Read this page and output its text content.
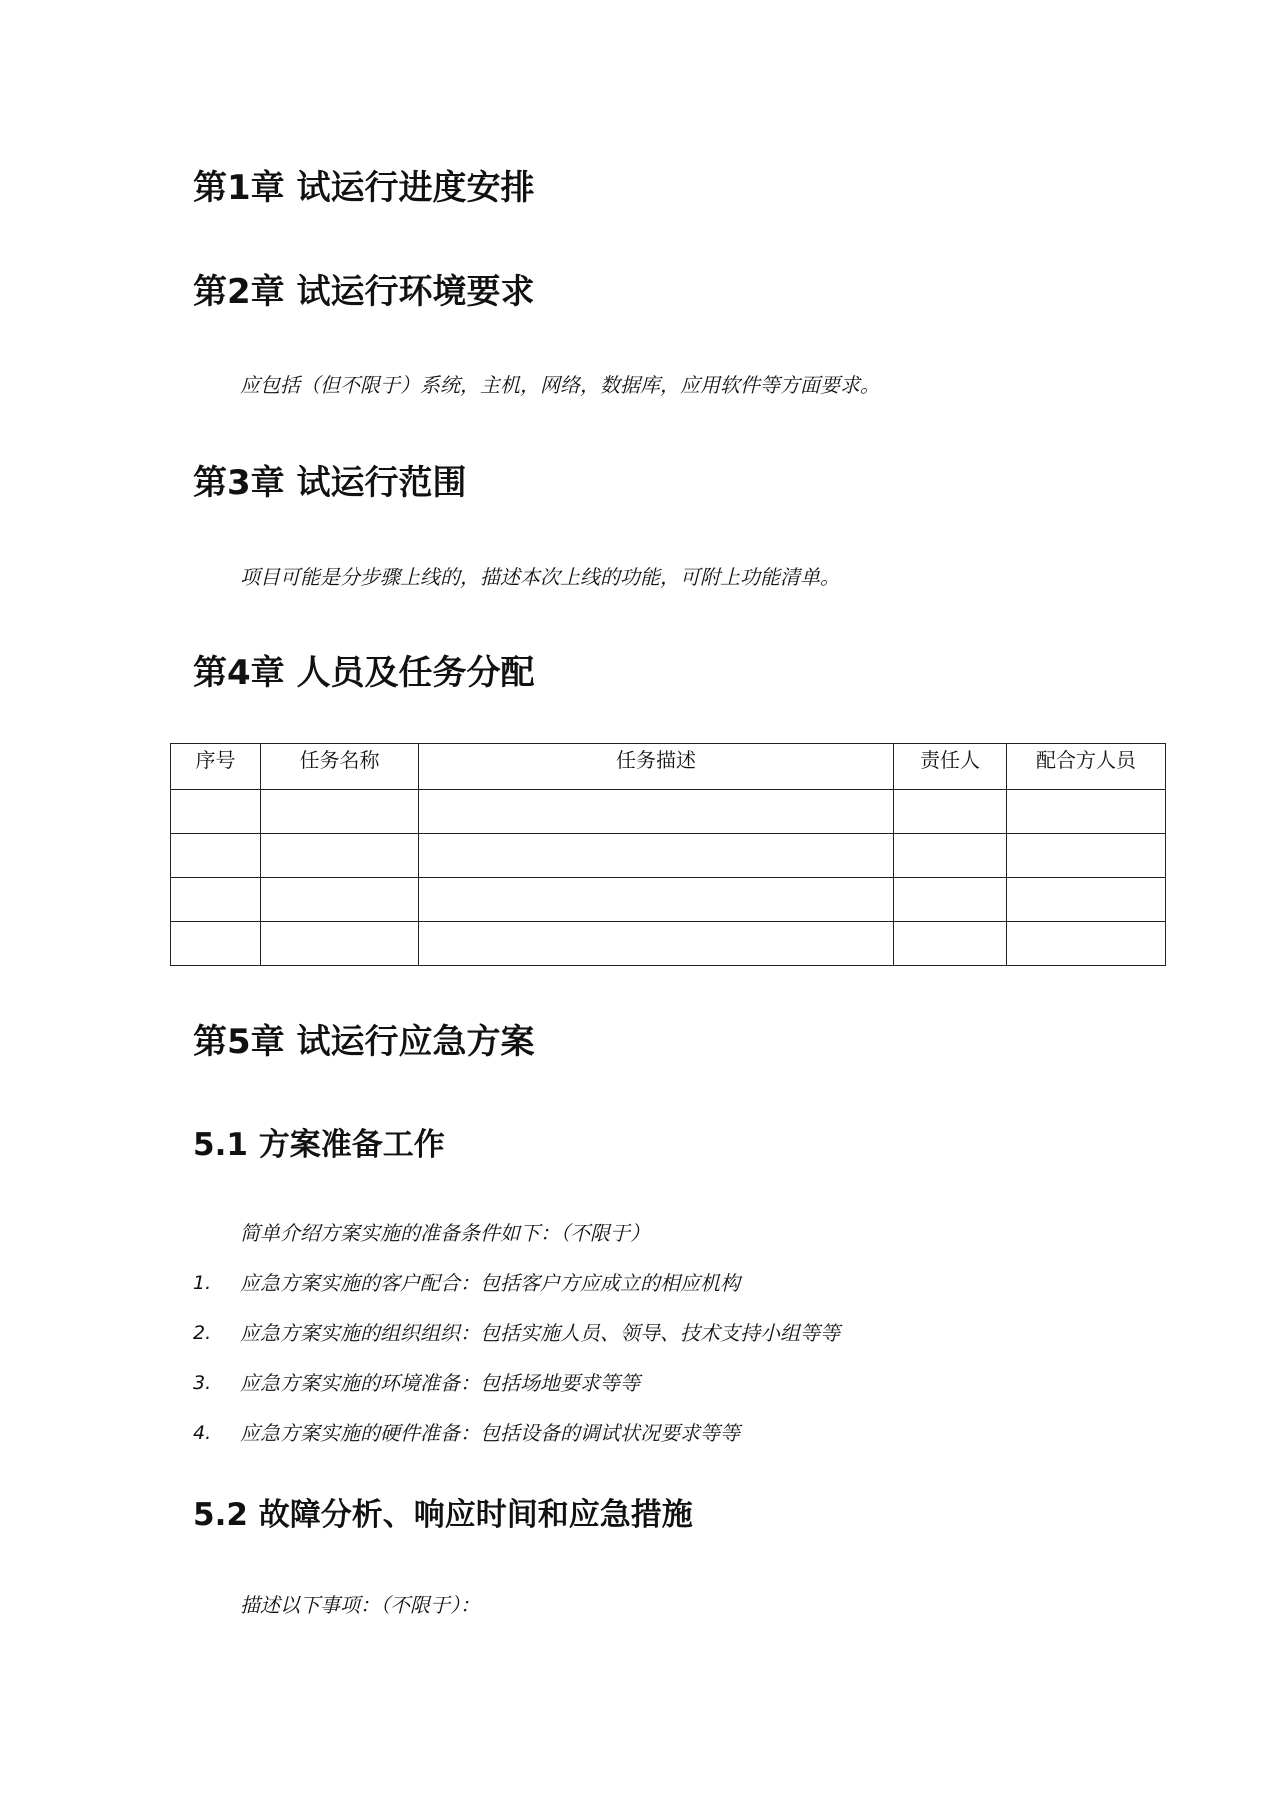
第1章 试运行进度安排
第2章 试运行环境要求
应包括（但不限于）系统，主机，网络，数据库，应用软件等方面要求。
第3章 试运行范围
项目可能是分步骤上线的，描述本次上线的功能，可附上功能清单。
第4章 人员及任务分配
序号	任务名称	任务描述	责任人	配合方人员

第5章 试运行应急方案
5.1 方案准备工作
简单介绍方案实施的准备条件如下：（不限于）
1. 应急方案实施的客户配合：包括客户方应成立的相应机构
2. 应急方案实施的组织组织：包括实施人员、领导、技术支持小组等等
3. 应急方案实施的环境准备：包括场地要求等等
4. 应急方案实施的硬件准备：包括设备的调试状况要求等等
5.2 故障分析、响应时间和应急措施
描述以下事项：（不限于）：
